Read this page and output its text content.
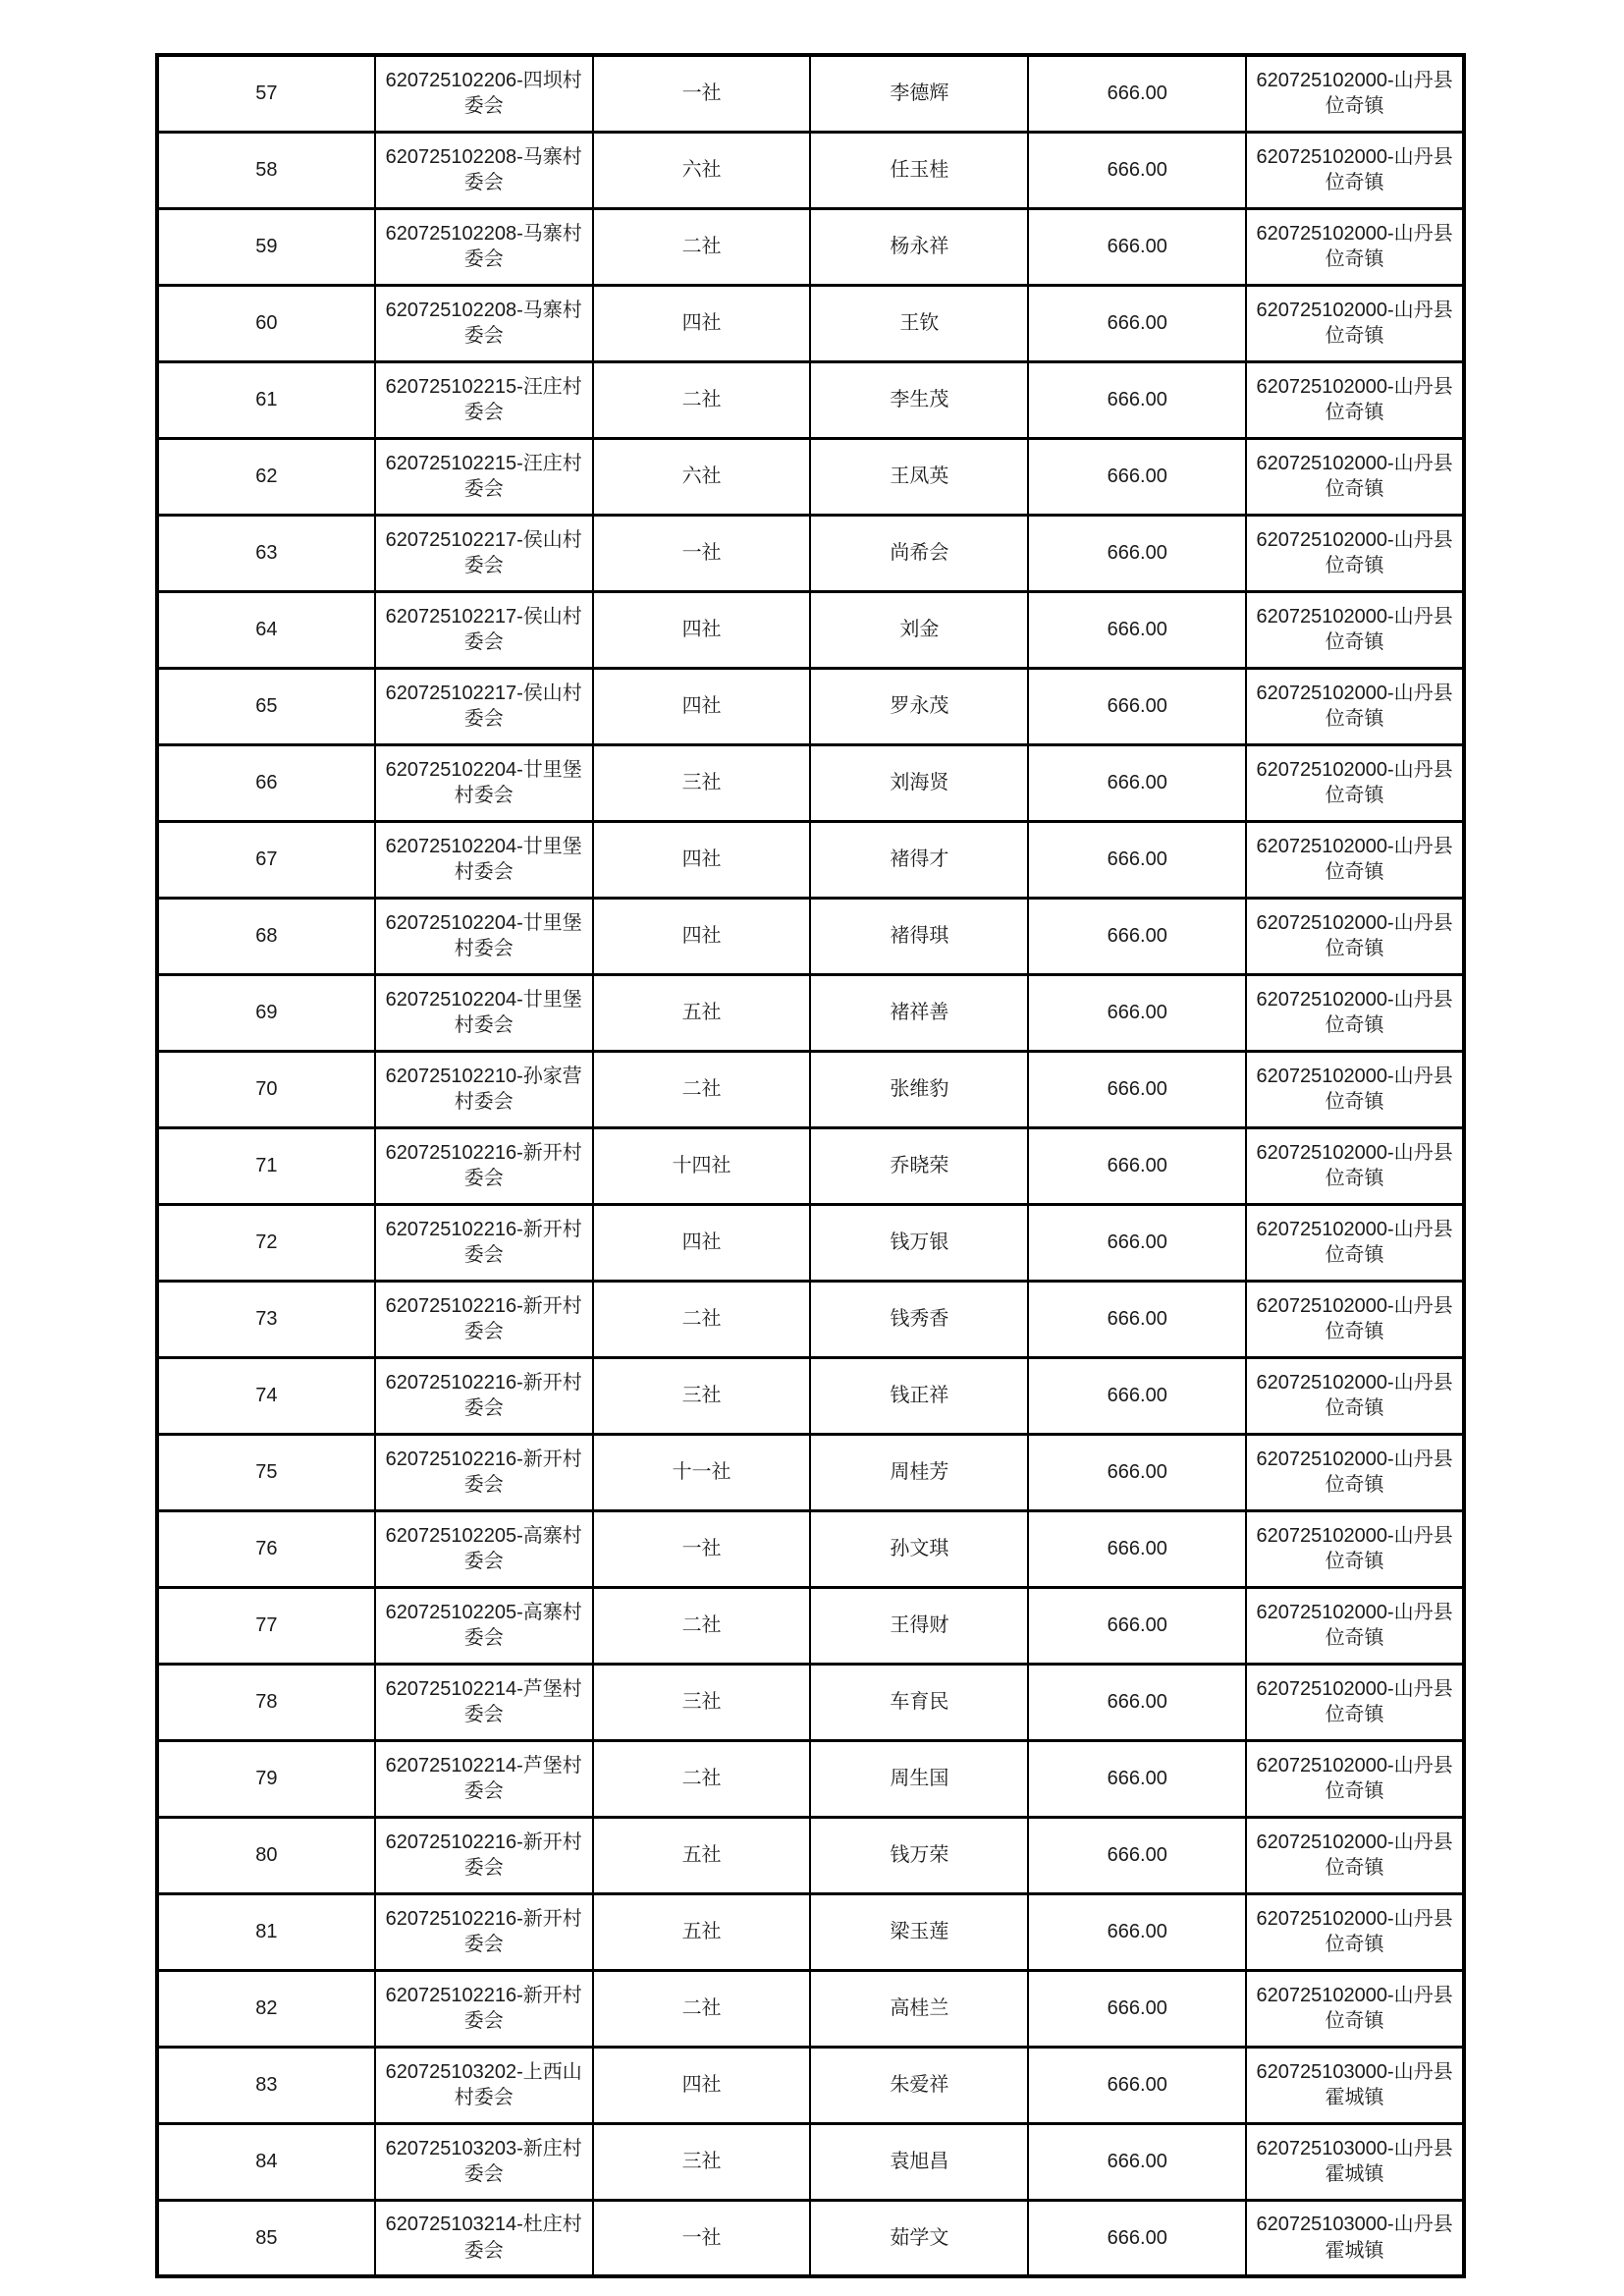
57	620725102206-四坝村委会	一社	李德辉	666.00	620725102000-山丹县位奇镇
58	620725102208-马寨村委会	六社	任玉桂	666.00	620725102000-山丹县位奇镇
59	620725102208-马寨村委会	二社	杨永祥	666.00	620725102000-山丹县位奇镇
60	620725102208-马寨村委会	四社	王钦	666.00	620725102000-山丹县位奇镇
61	620725102215-汪庄村委会	二社	李生茂	666.00	620725102000-山丹县位奇镇
62	620725102215-汪庄村委会	六社	王凤英	666.00	620725102000-山丹县位奇镇
63	620725102217-侯山村委会	一社	尚希会	666.00	620725102000-山丹县位奇镇
64	620725102217-侯山村委会	四社	刘金	666.00	620725102000-山丹县位奇镇
65	620725102217-侯山村委会	四社	罗永茂	666.00	620725102000-山丹县位奇镇
66	620725102204-廿里堡村委会	三社	刘海贤	666.00	620725102000-山丹县位奇镇
67	620725102204-廿里堡村委会	四社	褚得才	666.00	620725102000-山丹县位奇镇
68	620725102204-廿里堡村委会	四社	褚得琪	666.00	620725102000-山丹县位奇镇
69	620725102204-廿里堡村委会	五社	褚祥善	666.00	620725102000-山丹县位奇镇
70	620725102210-孙家营村委会	二社	张维豹	666.00	620725102000-山丹县位奇镇
71	620725102216-新开村委会	十四社	乔晓荣	666.00	620725102000-山丹县位奇镇
72	620725102216-新开村委会	四社	钱万银	666.00	620725102000-山丹县位奇镇
73	620725102216-新开村委会	二社	钱秀香	666.00	620725102000-山丹县位奇镇
74	620725102216-新开村委会	三社	钱正祥	666.00	620725102000-山丹县位奇镇
75	620725102216-新开村委会	十一社	周桂芳	666.00	620725102000-山丹县位奇镇
76	620725102205-高寨村委会	一社	孙文琪	666.00	620725102000-山丹县位奇镇
77	620725102205-高寨村委会	二社	王得财	666.00	620725102000-山丹县位奇镇
78	620725102214-芦堡村委会	三社	车育民	666.00	620725102000-山丹县位奇镇
79	620725102214-芦堡村委会	二社	周生国	666.00	620725102000-山丹县位奇镇
80	620725102216-新开村委会	五社	钱万荣	666.00	620725102000-山丹县位奇镇
81	620725102216-新开村委会	五社	梁玉莲	666.00	620725102000-山丹县位奇镇
82	620725102216-新开村委会	二社	高桂兰	666.00	620725102000-山丹县位奇镇
83	620725103202-上西山村委会	四社	朱爱祥	666.00	620725103000-山丹县霍城镇
84	620725103203-新庄村委会	三社	袁旭昌	666.00	620725103000-山丹县霍城镇
85	620725103214-杜庄村委会	一社	茹学文	666.00	620725103000-山丹县霍城镇
